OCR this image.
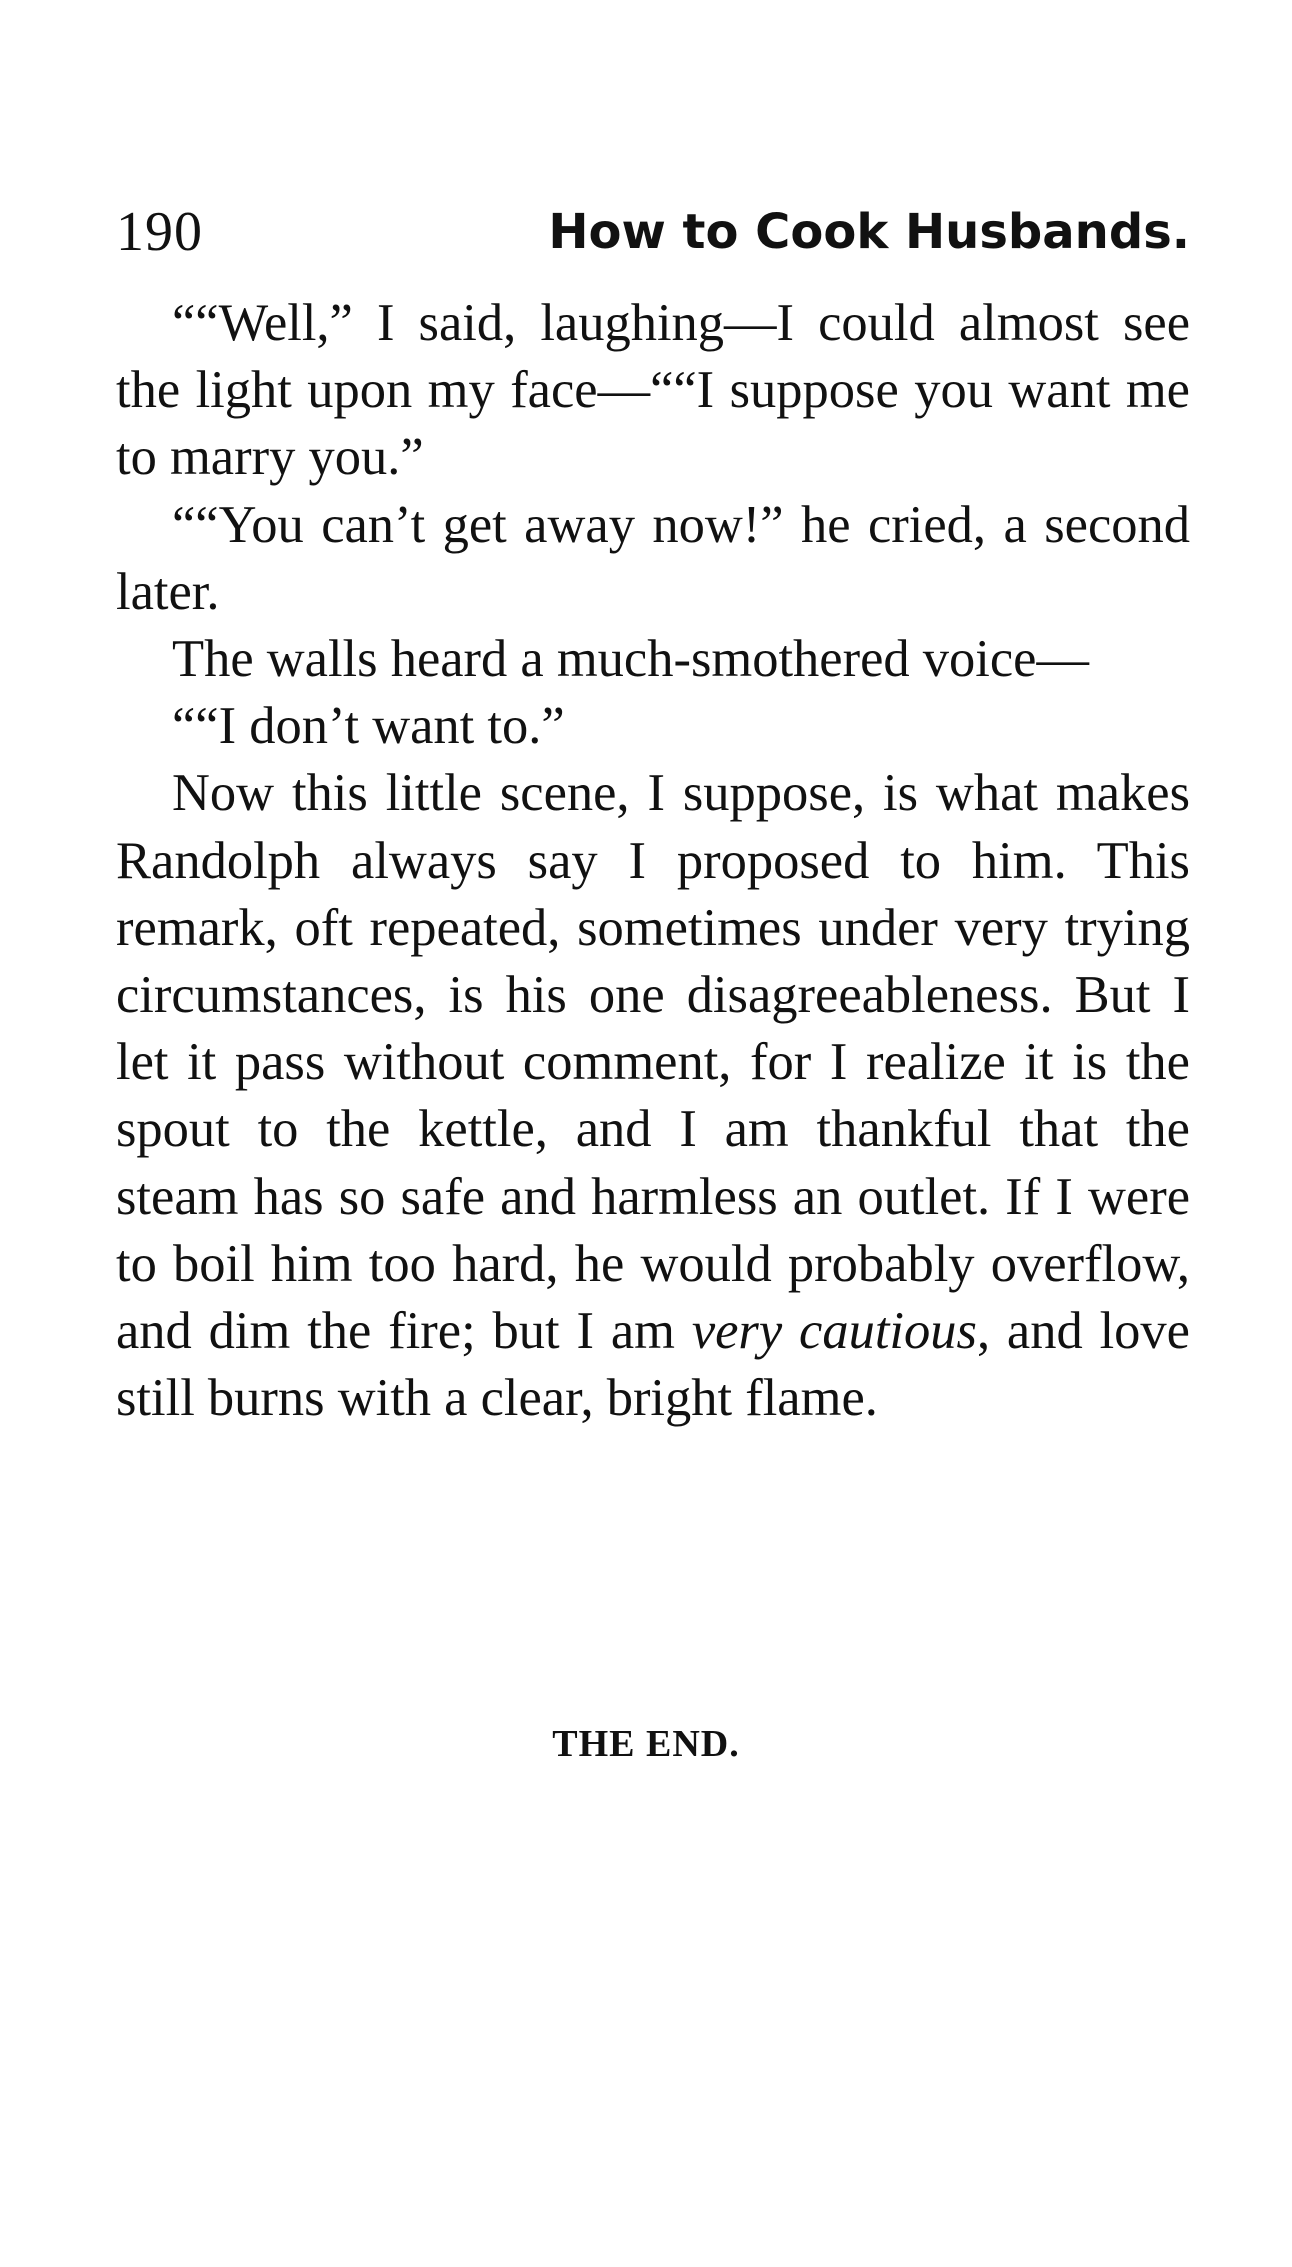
190	How to Cook Husbands.

““Well,” I said, laughing—I could almost see the light upon my face—““I suppose you want me to marry you.”

““You can’t get away now!” he cried, a second later.

The walls heard a much-smothered voice—

““I don’t want to.”

Now this little scene, I suppose, is what makes Randolph always say I proposed to him. This remark, oft repeated, sometimes under very trying circumstances, is his one disagreeableness. But I let it pass without comment, for I realize it is the spout to the kettle, and I am thankful that the steam has so safe and harmless an outlet. If I were to boil him too hard, he would probably overflow, and dim the fire; but I am very cautious, and love still burns with a clear, bright flame.

THE END.
